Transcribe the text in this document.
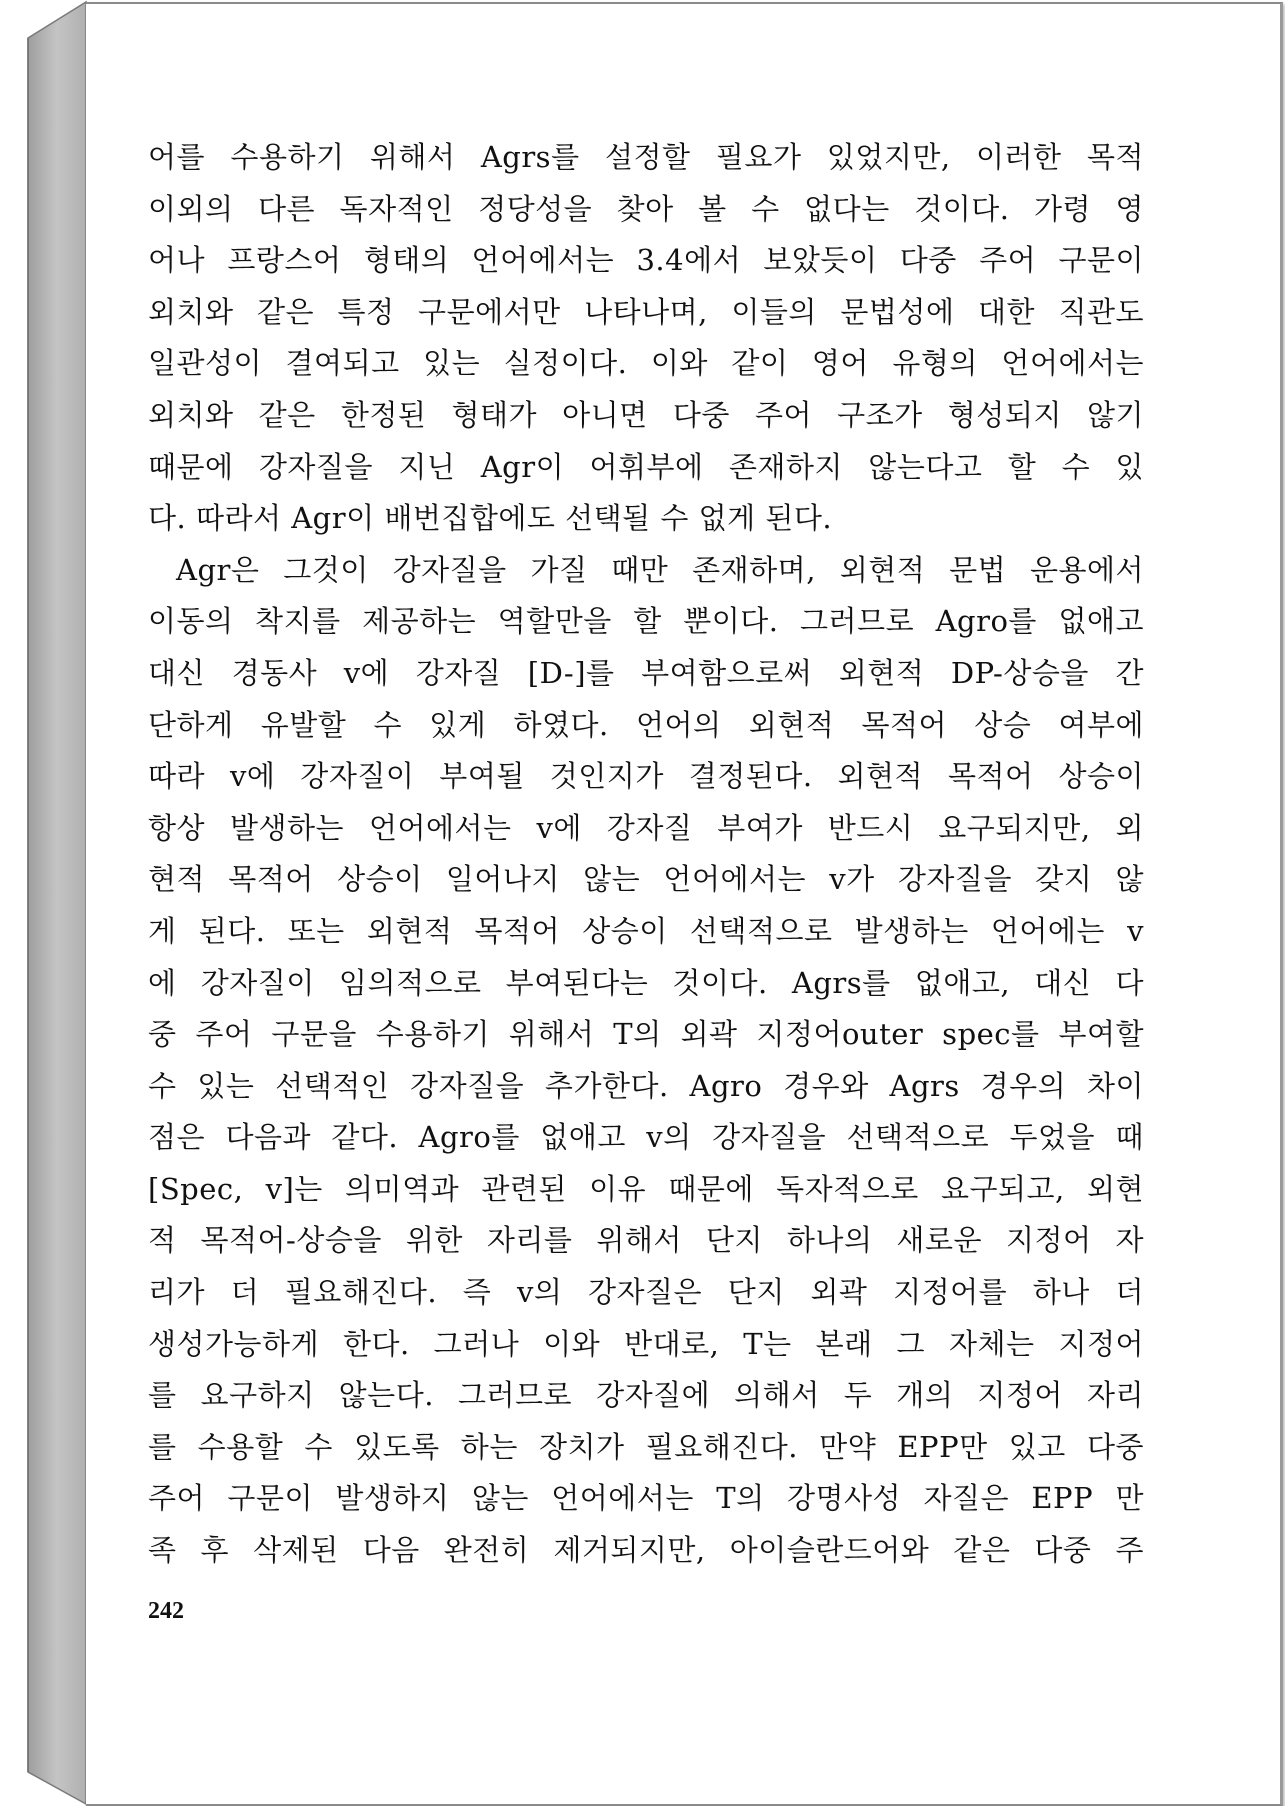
어를 수용하기 위해서 Agrs를 설정할 필요가 있었지만, 이러한 목적
이외의 다른 독자적인 정당성을 찾아 볼 수 없다는 것이다. 가령 영
어나 프랑스어 형태의 언어에서는 3.4에서 보았듯이 다중 주어 구문이
외치와 같은 특정 구문에서만 나타나며, 이들의 문법성에 대한 직관도
일관성이 결여되고 있는 실정이다. 이와 같이 영어 유형의 언어에서는
외치와 같은 한정된 형태가 아니면 다중 주어 구조가 형성되지 않기
때문에 강자질을 지닌 Agr이 어휘부에 존재하지 않는다고 할 수 있
다. 따라서 Agr이 배번집합에도 선택될 수 없게 된다.
Agr은 그것이 강자질을 가질 때만 존재하며, 외현적 문법 운용에서
이동의 착지를 제공하는 역할만을 할 뿐이다. 그러므로 Agro를 없애고
대신 경동사 v에 강자질 [D-]를 부여함으로써 외현적 DP-상승을 간
단하게 유발할 수 있게 하였다. 언어의 외현적 목적어 상승 여부에
따라 v에 강자질이 부여될 것인지가 결정된다. 외현적 목적어 상승이
항상 발생하는 언어에서는 v에 강자질 부여가 반드시 요구되지만, 외
현적 목적어 상승이 일어나지 않는 언어에서는 v가 강자질을 갖지 않
게 된다. 또는 외현적 목적어 상승이 선택적으로 발생하는 언어에는 v
에 강자질이 임의적으로 부여된다는 것이다. Agrs를 없애고, 대신 다
중 주어 구문을 수용하기 위해서 T의 외곽 지정어outer spec를 부여할
수 있는 선택적인 강자질을 추가한다. Agro 경우와 Agrs 경우의 차이
점은 다음과 같다. Agro를 없애고 v의 강자질을 선택적으로 두었을 때
[Spec, v]는 의미역과 관련된 이유 때문에 독자적으로 요구되고, 외현
적 목적어-상승을 위한 자리를 위해서 단지 하나의 새로운 지정어 자
리가 더 필요해진다. 즉 v의 강자질은 단지 외곽 지정어를 하나 더
생성가능하게 한다. 그러나 이와 반대로, T는 본래 그 자체는 지정어
를 요구하지 않는다. 그러므로 강자질에 의해서 두 개의 지정어 자리
를 수용할 수 있도록 하는 장치가 필요해진다. 만약 EPP만 있고 다중
주어 구문이 발생하지 않는 언어에서는 T의 강명사성 자질은 EPP 만
족 후 삭제된 다음 완전히 제거되지만, 아이슬란드어와 같은 다중 주
242
